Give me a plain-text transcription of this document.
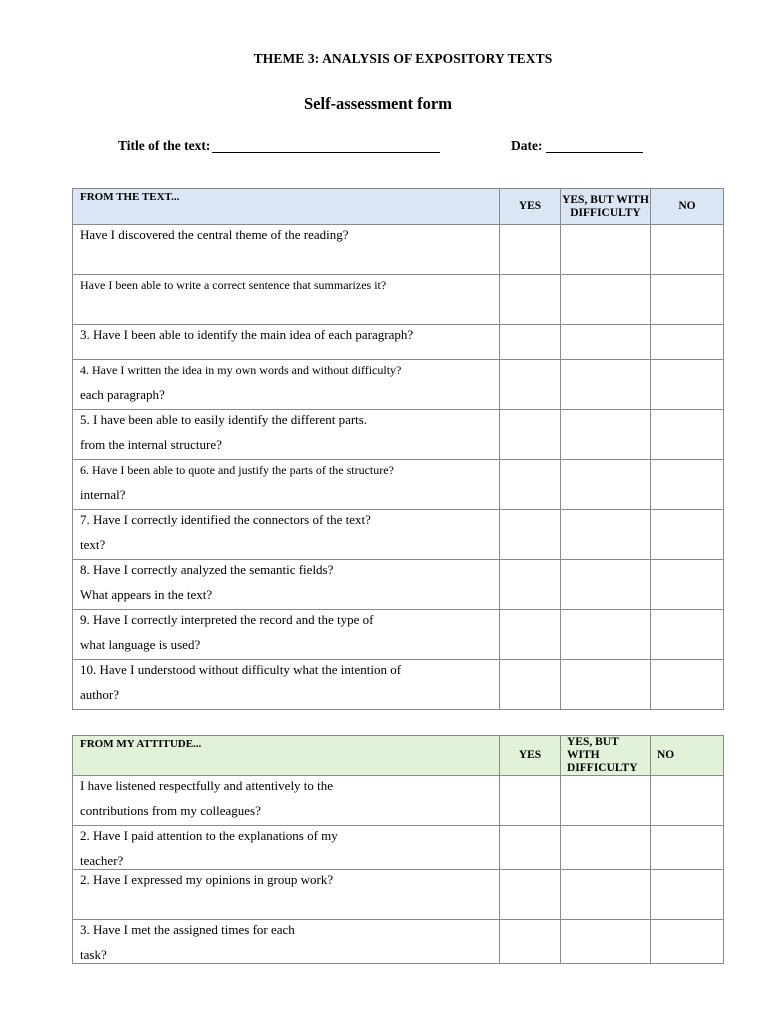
THEME 3: ANALYSIS OF EXPOSITORY TEXTS
Self-assessment form
Title of the text:	Date:
FROM THE TEXT...	YES	YES, BUT WITH DIFFICULTY	NO

Have I discovered the central theme of the reading?			

Have I been able to write a correct sentence that summarizes it?			

3. Have I been able to identify the main idea of each paragraph?			

4. Have I written the idea in my own words and without difficulty?
each paragraph?			

5. I have been able to easily identify the different parts.
from the internal structure?			

6. Have I been able to quote and justify the parts of the structure?
internal?			

7. Have I correctly identified the connectors of the text?
text?			

8. Have I correctly analyzed the semantic fields?
What appears in the text?			

9. Have I correctly interpreted the record and the type of
what language is used?			

10. Have I understood without difficulty what the intention of
author?			

FROM MY ATTITUDE...	YES	YES, BUT WITH DIFFICULTY	NO

I have listened respectfully and attentively to the
contributions from my colleagues?			

2. Have I paid attention to the explanations of my
teacher?			

2. Have I expressed my opinions in group work?			

3. Have I met the assigned times for each
task?			
